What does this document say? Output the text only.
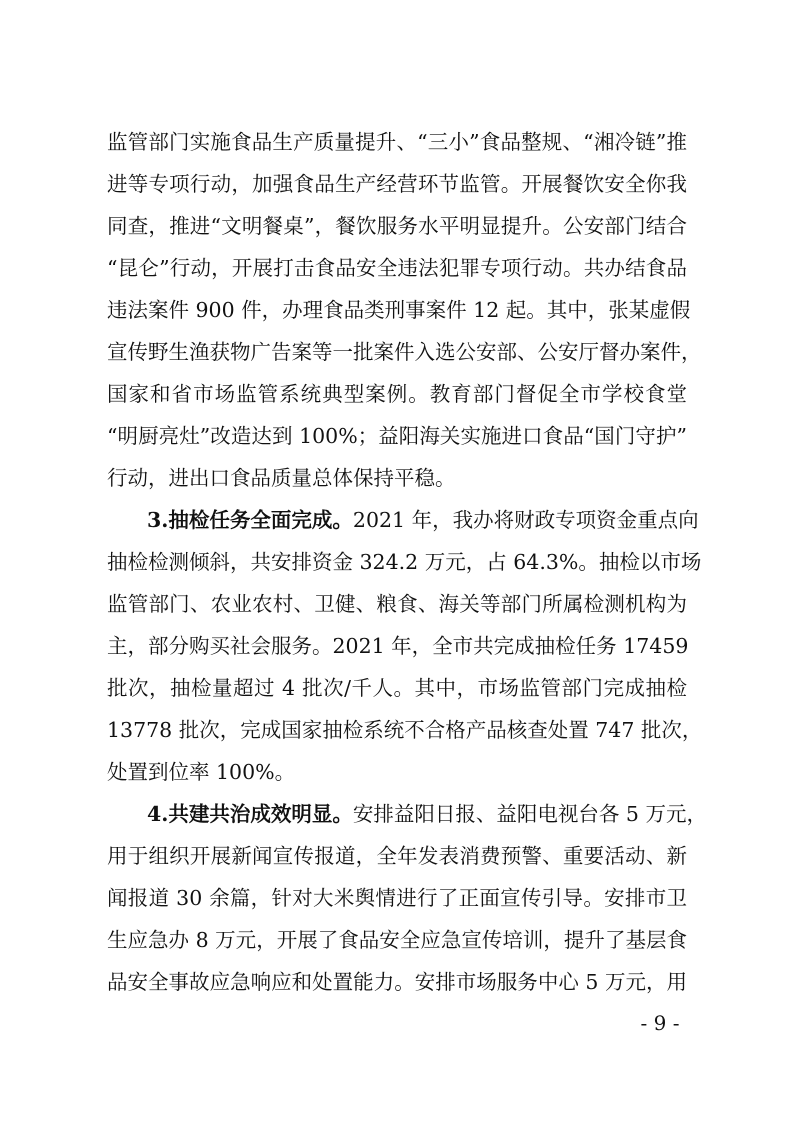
监管部门实施食品生产质量提升、“三小”食品整规、“湘冷链”推
进等专项行动，加强食品生产经营环节监管。开展餐饮安全你我
同查，推进“文明餐桌”，餐饮服务水平明显提升。公安部门结合
“昆仑”行动，开展打击食品安全违法犯罪专项行动。共办结食品
违法案件 900 件，办理食品类刑事案件 12 起。其中，张某虚假
宣传野生渔获物广告案等一批案件入选公安部、公安厅督办案件，
国家和省市场监管系统典型案例。教育部门督促全市学校食堂
“明厨亮灶”改造达到 100%；益阳海关实施进口食品“国门守护”
行动，进出口食品质量总体保持平稳。
3.抽检任务全面完成。2021 年，我办将财政专项资金重点向
抽检检测倾斜，共安排资金 324.2 万元，占 64.3%。抽检以市场
监管部门、农业农村、卫健、粮食、海关等部门所属检测机构为
主，部分购买社会服务。2021 年，全市共完成抽检任务 17459
批次，抽检量超过 4 批次/千人。其中，市场监管部门完成抽检
13778 批次，完成国家抽检系统不合格产品核查处置 747 批次，
处置到位率 100%。
4.共建共治成效明显。安排益阳日报、益阳电视台各 5 万元，
用于组织开展新闻宣传报道，全年发表消费预警、重要活动、新
闻报道 30 余篇，针对大米舆情进行了正面宣传引导。安排市卫
生应急办 8 万元，开展了食品安全应急宣传培训，提升了基层食
品安全事故应急响应和处置能力。安排市场服务中心 5 万元，用
- 9 -
